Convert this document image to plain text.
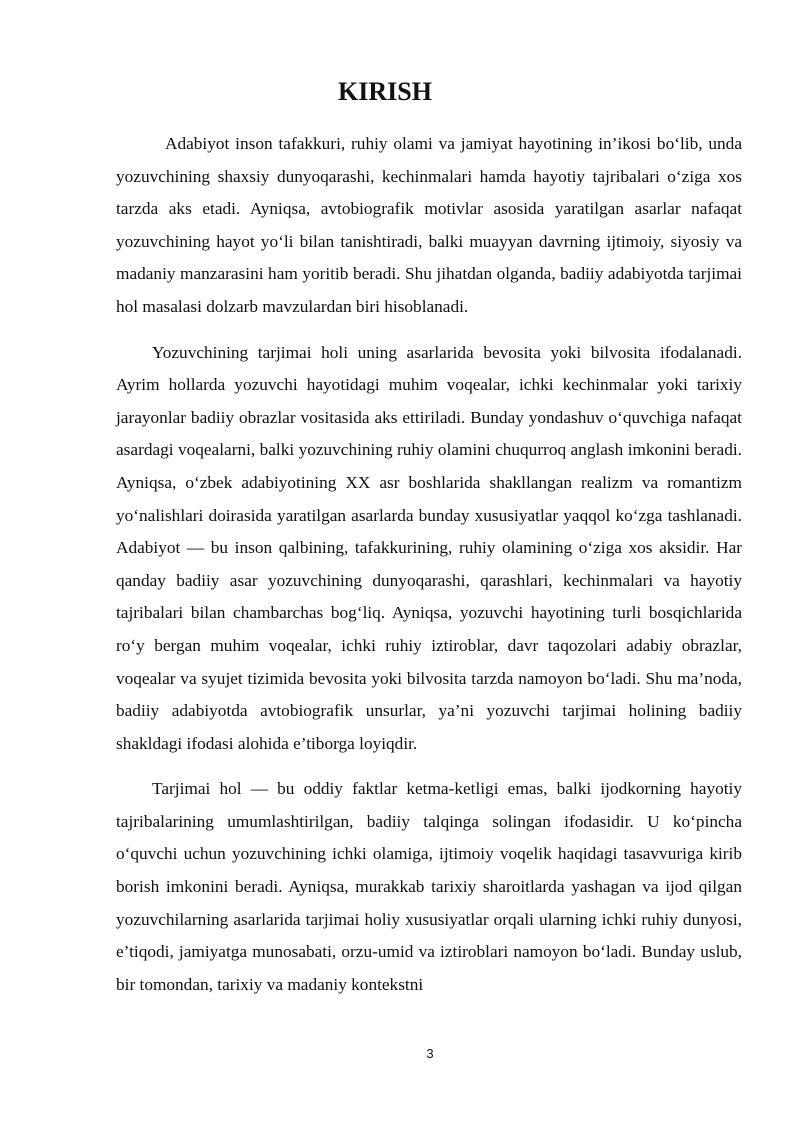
KIRISH

Adabiyot inson tafakkuri, ruhiy olami va jamiyat hayotining in’ikosi bo‘lib, unda yozuvchining shaxsiy dunyoqarashi, kechinmalari hamda hayotiy tajribalari o‘ziga xos tarzda aks etadi. Ayniqsa, avtobiografik motivlar asosida yaratilgan asarlar nafaqat yozuvchining hayot yo‘li bilan tanishtiradi, balki muayyan davrning ijtimoiy, siyosiy va madaniy manzarasini ham yoritib beradi. Shu jihatdan olganda, badiiy adabiyotda tarjimai hol masalasi dolzarb mavzulardan biri hisoblanadi.

Yozuvchining tarjimai holi uning asarlarida bevosita yoki bilvosita ifodalanadi. Ayrim hollarda yozuvchi hayotidagi muhim voqealar, ichki kechinmalar yoki tarixiy jarayonlar badiiy obrazlar vositasida aks ettiriladi. Bunday yondashuv o‘quvchiga nafaqat asardagi voqealarni, balki yozuvchining ruhiy olamini chuqurroq anglash imkonini beradi. Ayniqsa, o‘zbek adabiyotining XX asr boshlarida shakllangan realizm va romantizm yo‘nalishlari doirasida yaratilgan asarlarda bunday xususiyatlar yaqqol ko‘zga tashlanadi. Adabiyot — bu inson qalbining, tafakkurining, ruhiy olamining o‘ziga xos aksidir. Har qanday badiiy asar yozuvchining dunyoqarashi, qarashlari, kechinmalari va hayotiy tajribalari bilan chambarchas bog‘liq. Ayniqsa, yozuvchi hayotining turli bosqichlarida ro‘y bergan muhim voqealar, ichki ruhiy iztiroblar, davr taqozolari adabiy obrazlar, voqealar va syujet tizimida bevosita yoki bilvosita tarzda namoyon bo‘ladi. Shu ma’noda, badiiy adabiyotda avtobiografik unsurlar, ya’ni yozuvchi tarjimai holining badiiy shakldagi ifodasi alohida e’tiborga loyiqdir.

Tarjimai hol — bu oddiy faktlar ketma-ketligi emas, balki ijodkorning hayotiy tajribalarining umumlashtirilgan, badiiy talqinga solingan ifodasidir. U ko‘pincha o‘quvchi uchun yozuvchining ichki olamiga, ijtimoiy voqelik haqidagi tasavvuriga kirib borish imkonini beradi. Ayniqsa, murakkab tarixiy sharoitlarda yashagan va ijod qilgan yozuvchilarning asarlarida tarjimai holiy xususiyatlar orqali ularning ichki ruhiy dunyosi, e’tiqodi, jamiyatga munosabati, orzu-umid va iztiroblari namoyon bo‘ladi. Bunday uslub, bir tomondan, tarixiy va madaniy kontekstni

3
